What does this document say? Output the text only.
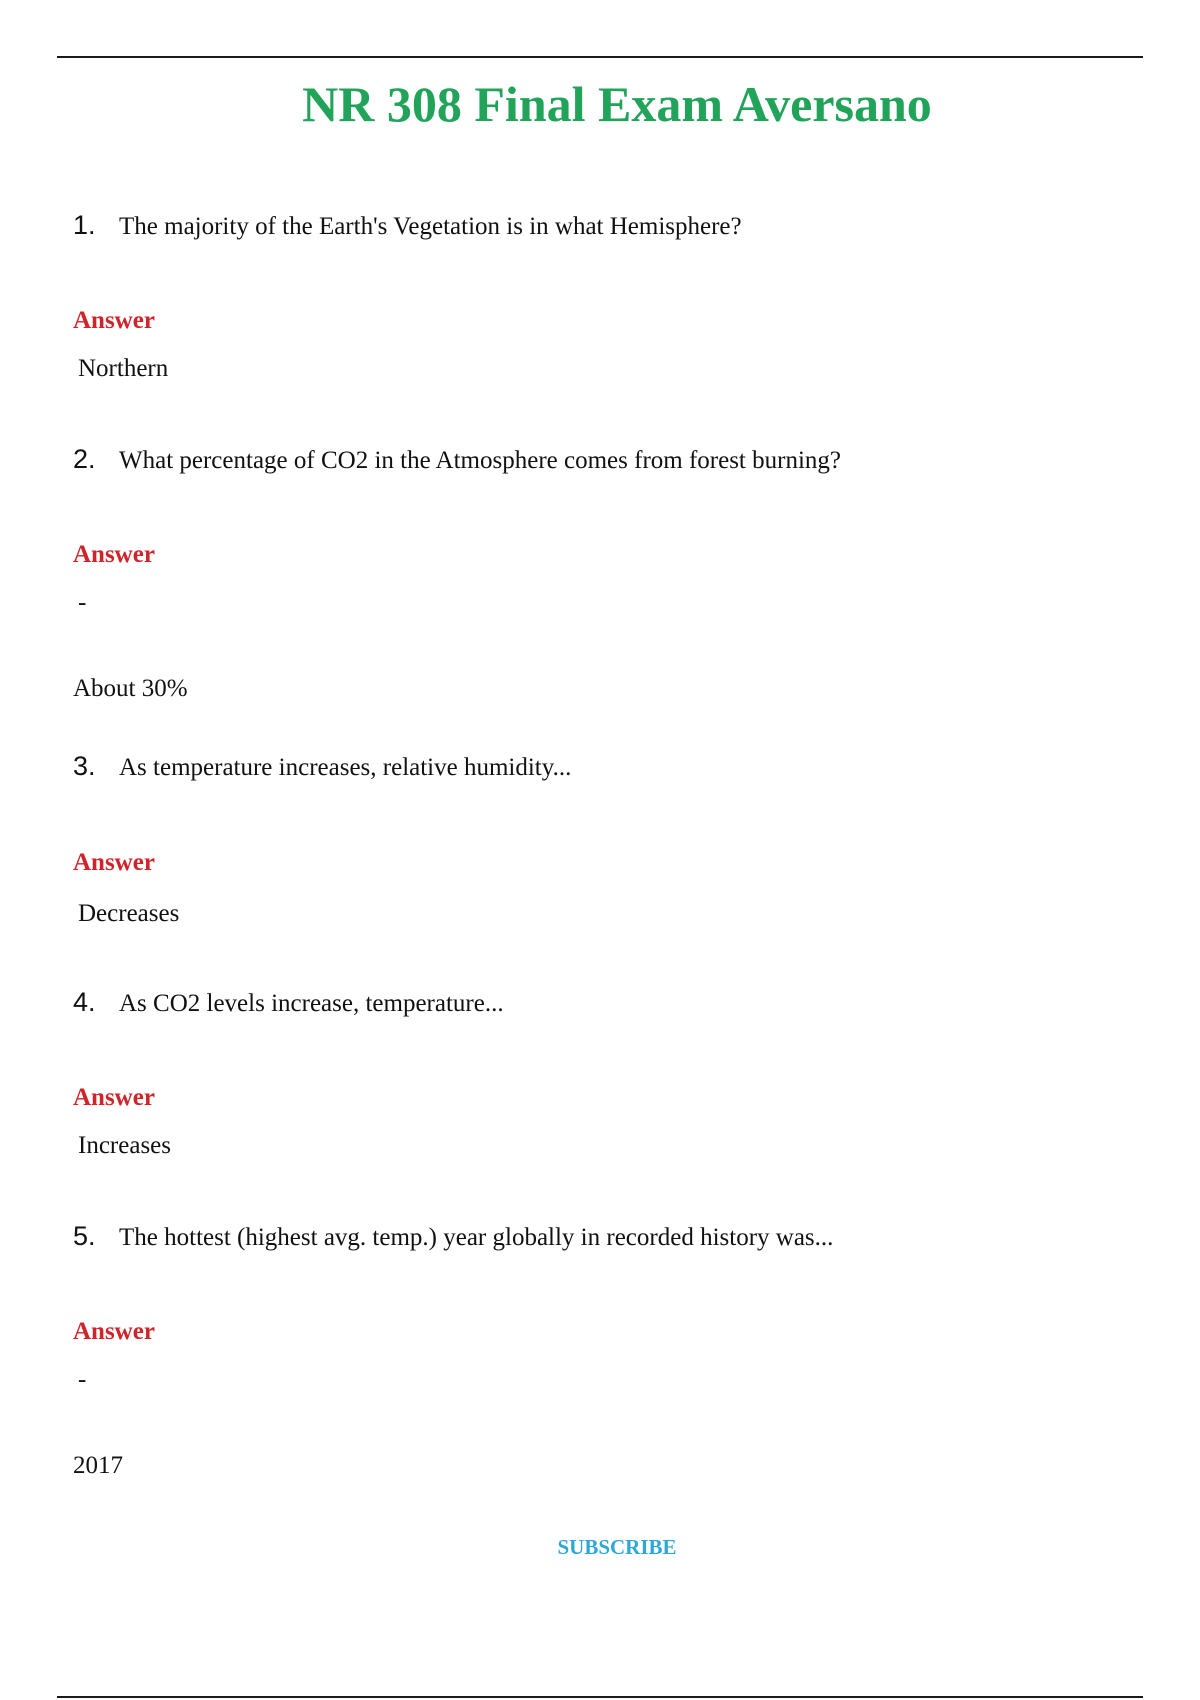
NR 308 Final Exam Aversano
1. The majority of the Earth's Vegetation is in what Hemisphere?
Answer
Northern
2. What percentage of CO2 in the Atmosphere comes from forest burning?
Answer
-
About 30%
3. As temperature increases, relative humidity...
Answer
Decreases
4. As CO2 levels increase, temperature...
Answer
Increases
5. The hottest (highest avg. temp.) year globally in recorded history was...
Answer
-
2017
SUBSCRIBE
